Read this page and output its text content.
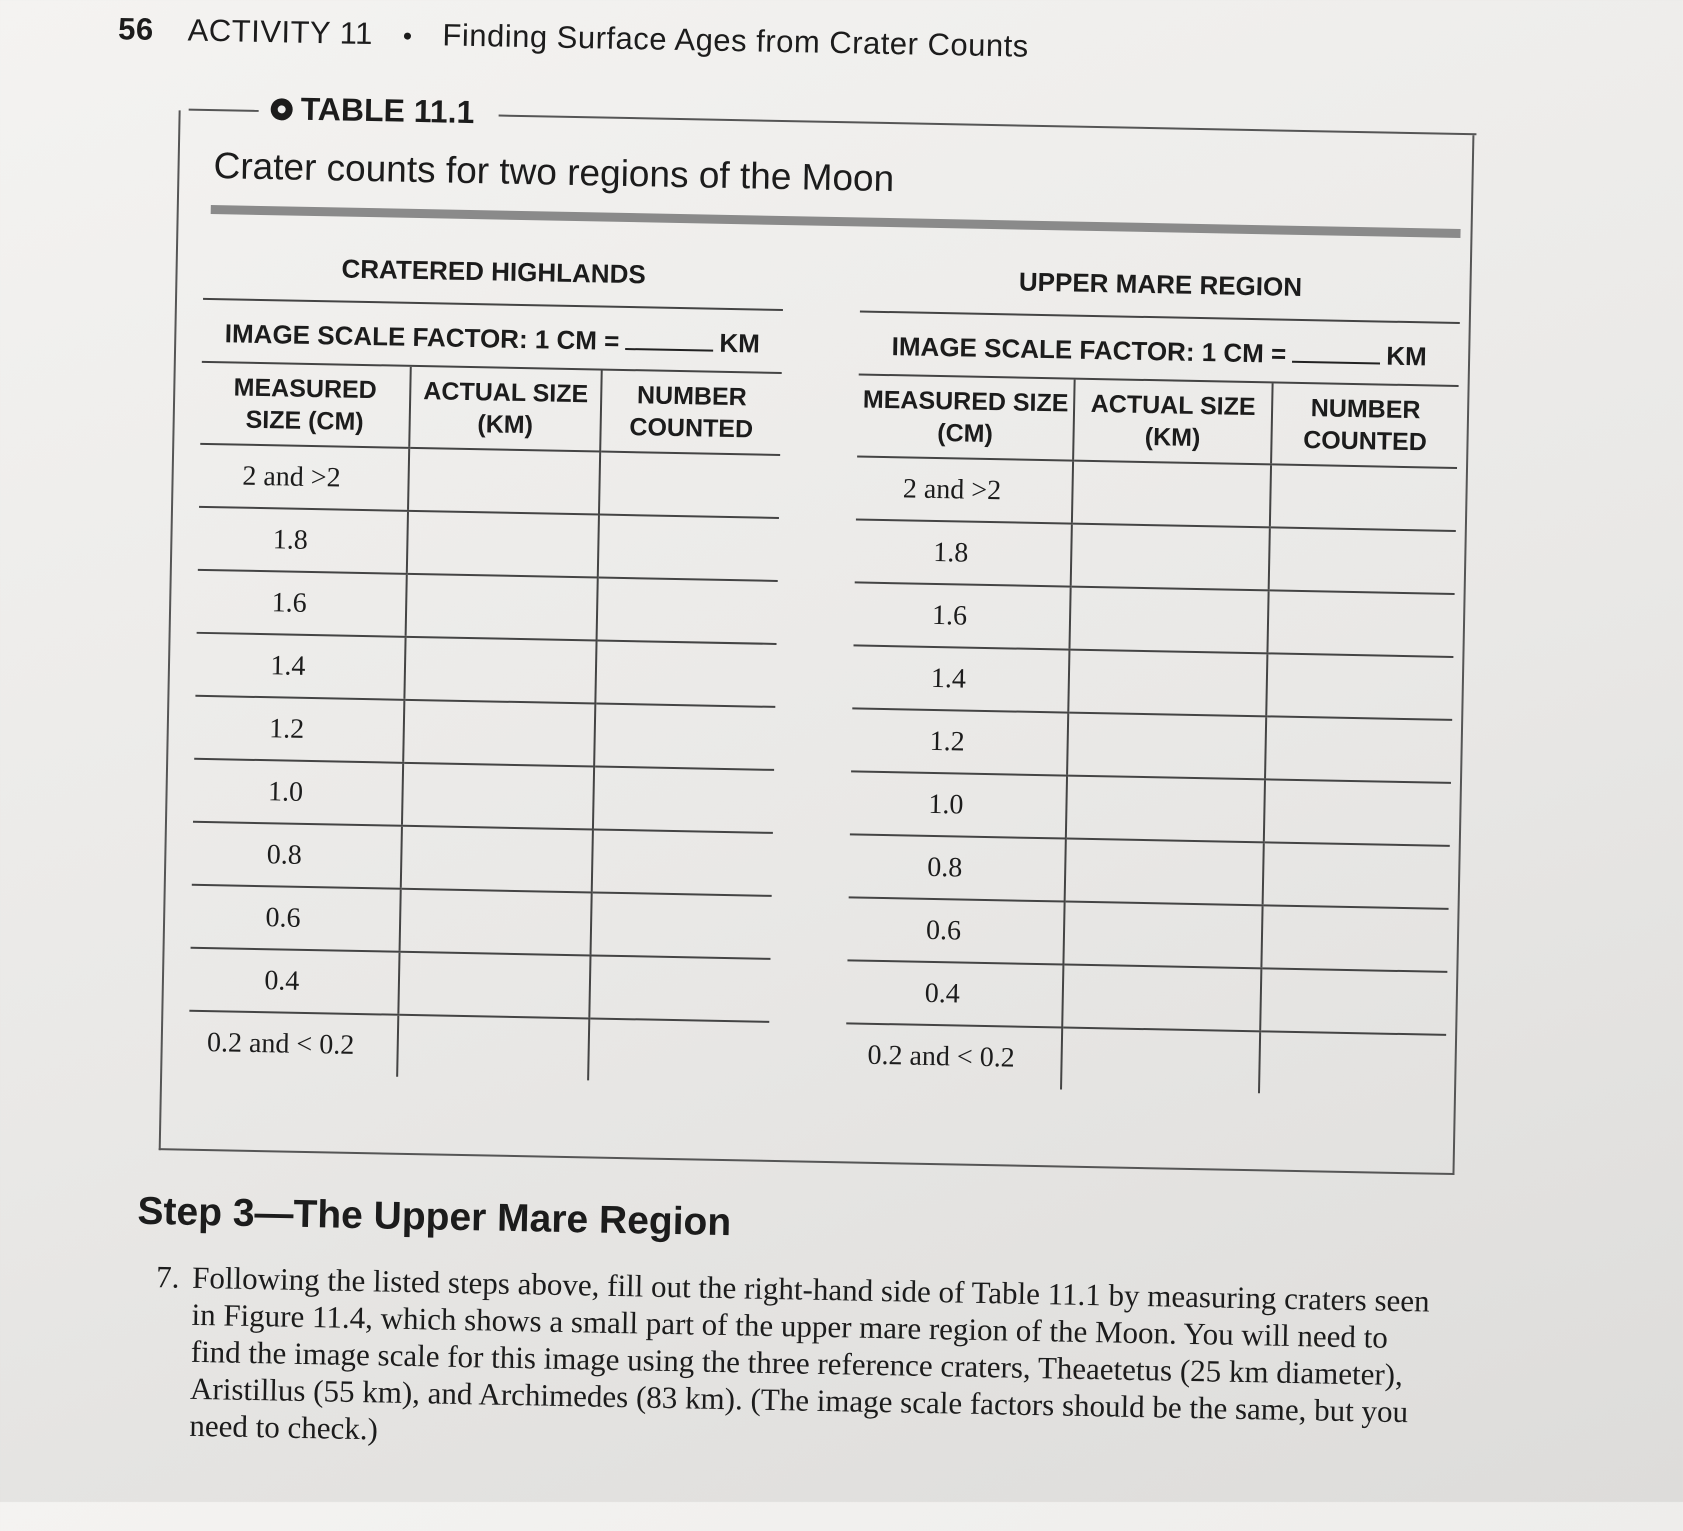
56 ACTIVITY 11 • Finding Surface Ages from Crater Counts
TABLE 11.1
Crater counts for two regions of the Moon
CRATERED HIGHLANDS
IMAGE SCALE FACTOR: 1 CM =	KM
MEASURED SIZE (CM)	ACTUAL SIZE (KM)	NUMBER COUNTED
2 and >2		
1.8		
1.6		
1.4		
1.2		
1.0		
0.8		
0.6		
0.4		
0.2 and < 0.2		
UPPER MARE REGION
IMAGE SCALE FACTOR: 1 CM =	KM
MEASURED SIZE (CM)	ACTUAL SIZE (KM)	NUMBER COUNTED
2 and >2		
1.8		
1.6		
1.4		
1.2		
1.0		
0.8		
0.6		
0.4		
0.2 and < 0.2		
Step 3—The Upper Mare Region
7. Following the listed steps above, fill out the right-hand side of Table 11.1 by measuring craters seen in Figure 11.4, which shows a small part of the upper mare region of the Moon. You will need to find the image scale for this image using the three reference craters, Theaetetus (25 km diameter), Aristillus (55 km), and Archimedes (83 km). (The image scale factors should be the same, but you need to check.)
